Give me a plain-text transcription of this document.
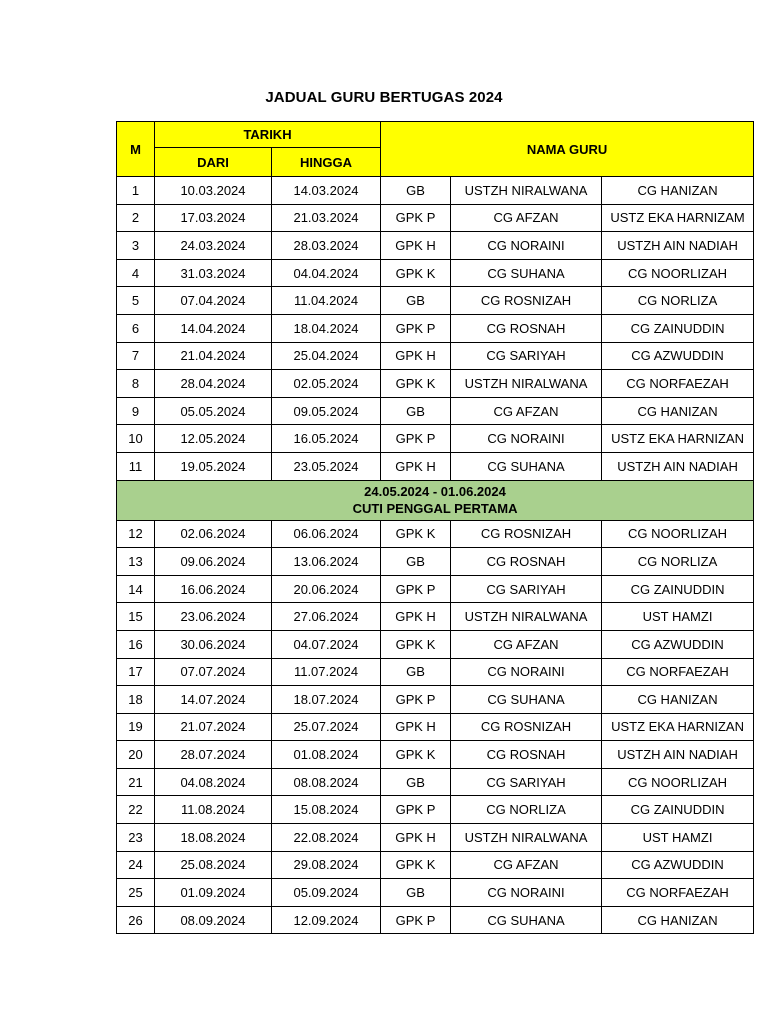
JADUAL GURU BERTUGAS 2024
M	TARIKH		NAMA GURU		
	DARI	HINGGA			
1	10.03.2024	14.03.2024	GB	USTZH NIRALWANA	CG HANIZAN
2	17.03.2024	21.03.2024	GPK P	CG AFZAN	USTZ EKA HARNIZAM
3	24.03.2024	28.03.2024	GPK H	CG NORAINI	USTZH AIN NADIAH
4	31.03.2024	04.04.2024	GPK K	CG SUHANA	CG NOORLIZAH
5	07.04.2024	11.04.2024	GB	CG ROSNIZAH	CG NORLIZA
6	14.04.2024	18.04.2024	GPK P	CG ROSNAH	CG ZAINUDDIN
7	21.04.2024	25.04.2024	GPK H	CG SARIYAH	CG AZWUDDIN
8	28.04.2024	02.05.2024	GPK K	USTZH NIRALWANA	CG NORFAEZAH
9	05.05.2024	09.05.2024	GB	CG AFZAN	CG HANIZAN
10	12.05.2024	16.05.2024	GPK P	CG NORAINI	USTZ EKA HARNIZAN
11	19.05.2024	23.05.2024	GPK H	CG SUHANA	USTZH AIN NADIAH

24.05.2024 - 01.06.2024
CUTI PENGGAL PERTAMA					

12	02.06.2024	06.06.2024	GPK K	CG ROSNIZAH	CG NOORLIZAH
13	09.06.2024	13.06.2024	GB	CG ROSNAH	CG NORLIZA
14	16.06.2024	20.06.2024	GPK P	CG SARIYAH	CG ZAINUDDIN
15	23.06.2024	27.06.2024	GPK H	USTZH NIRALWANA	UST HAMZI
16	30.06.2024	04.07.2024	GPK K	CG AFZAN	CG AZWUDDIN
17	07.07.2024	11.07.2024	GB	CG NORAINI	CG NORFAEZAH
18	14.07.2024	18.07.2024	GPK P	CG SUHANA	CG HANIZAN
19	21.07.2024	25.07.2024	GPK H	CG ROSNIZAH	USTZ EKA HARNIZAN
20	28.07.2024	01.08.2024	GPK K	CG ROSNAH	USTZH AIN NADIAH
21	04.08.2024	08.08.2024	GB	CG SARIYAH	CG NOORLIZAH
22	11.08.2024	15.08.2024	GPK P	CG NORLIZA	CG ZAINUDDIN
23	18.08.2024	22.08.2024	GPK H	USTZH NIRALWANA	UST HAMZI
24	25.08.2024	29.08.2024	GPK K	CG AFZAN	CG AZWUDDIN
25	01.09.2024	05.09.2024	GB	CG NORAINI	CG NORFAEZAH
26	08.09.2024	12.09.2024	GPK P	CG SUHANA	CG HANIZAN
